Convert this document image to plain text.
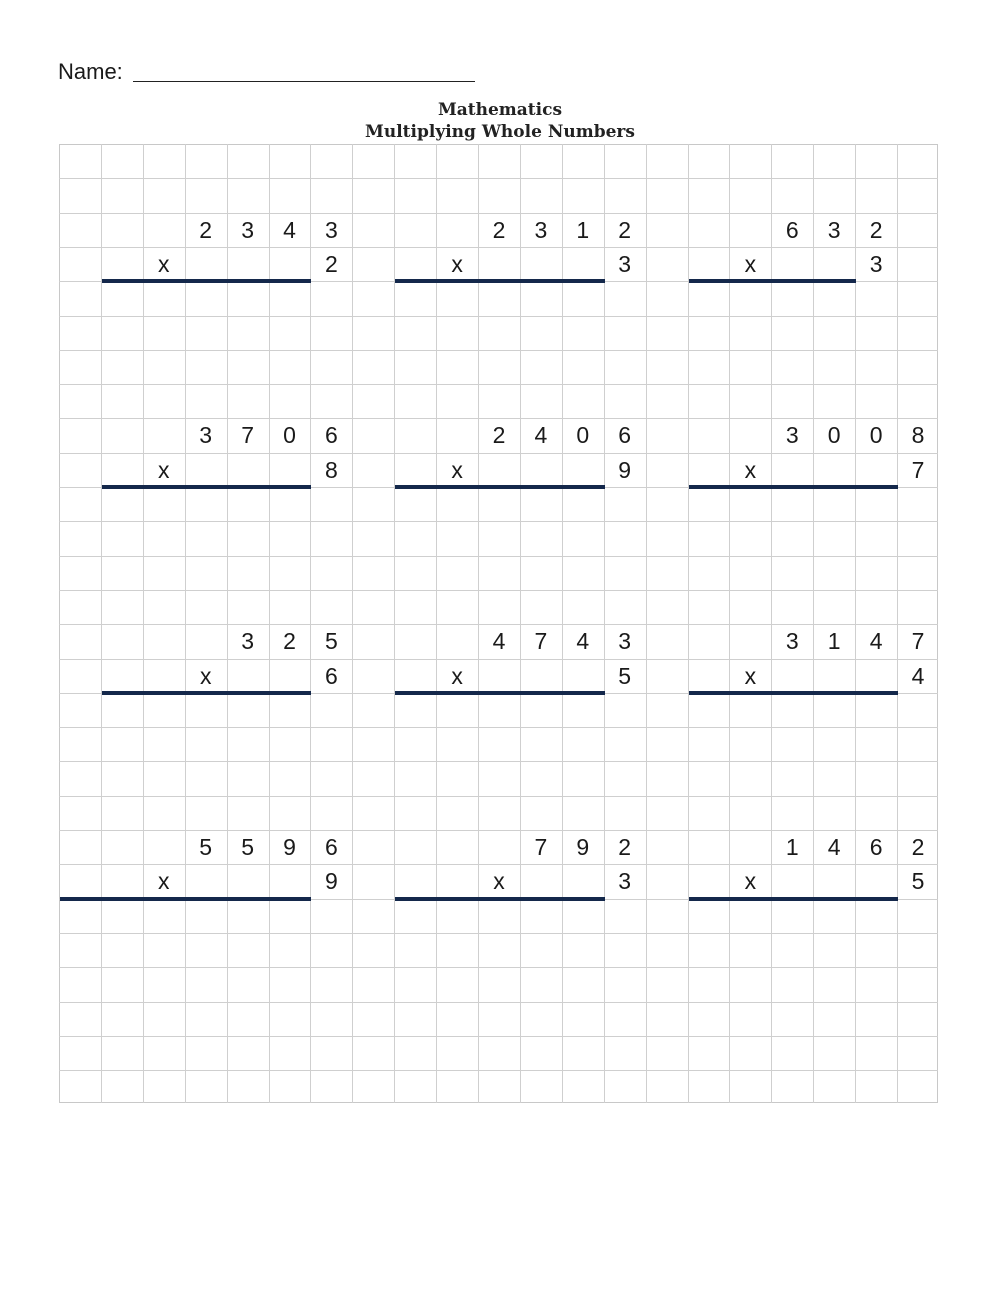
Name:
Mathematics
Multiplying Whole Numbers
2	3	4	3
x	2
2	3	1	2
x	3
6	3	2
x	3
3	7	0	6
x	8
2	4	0	6
x	9
3	0	0	8
x	7
3	2	5
x	6
4	7	4	3
x	5
3	1	4	7
x	4
5	5	9	6
x	9
7	9	2
x	3
1	4	6	2
x	5
